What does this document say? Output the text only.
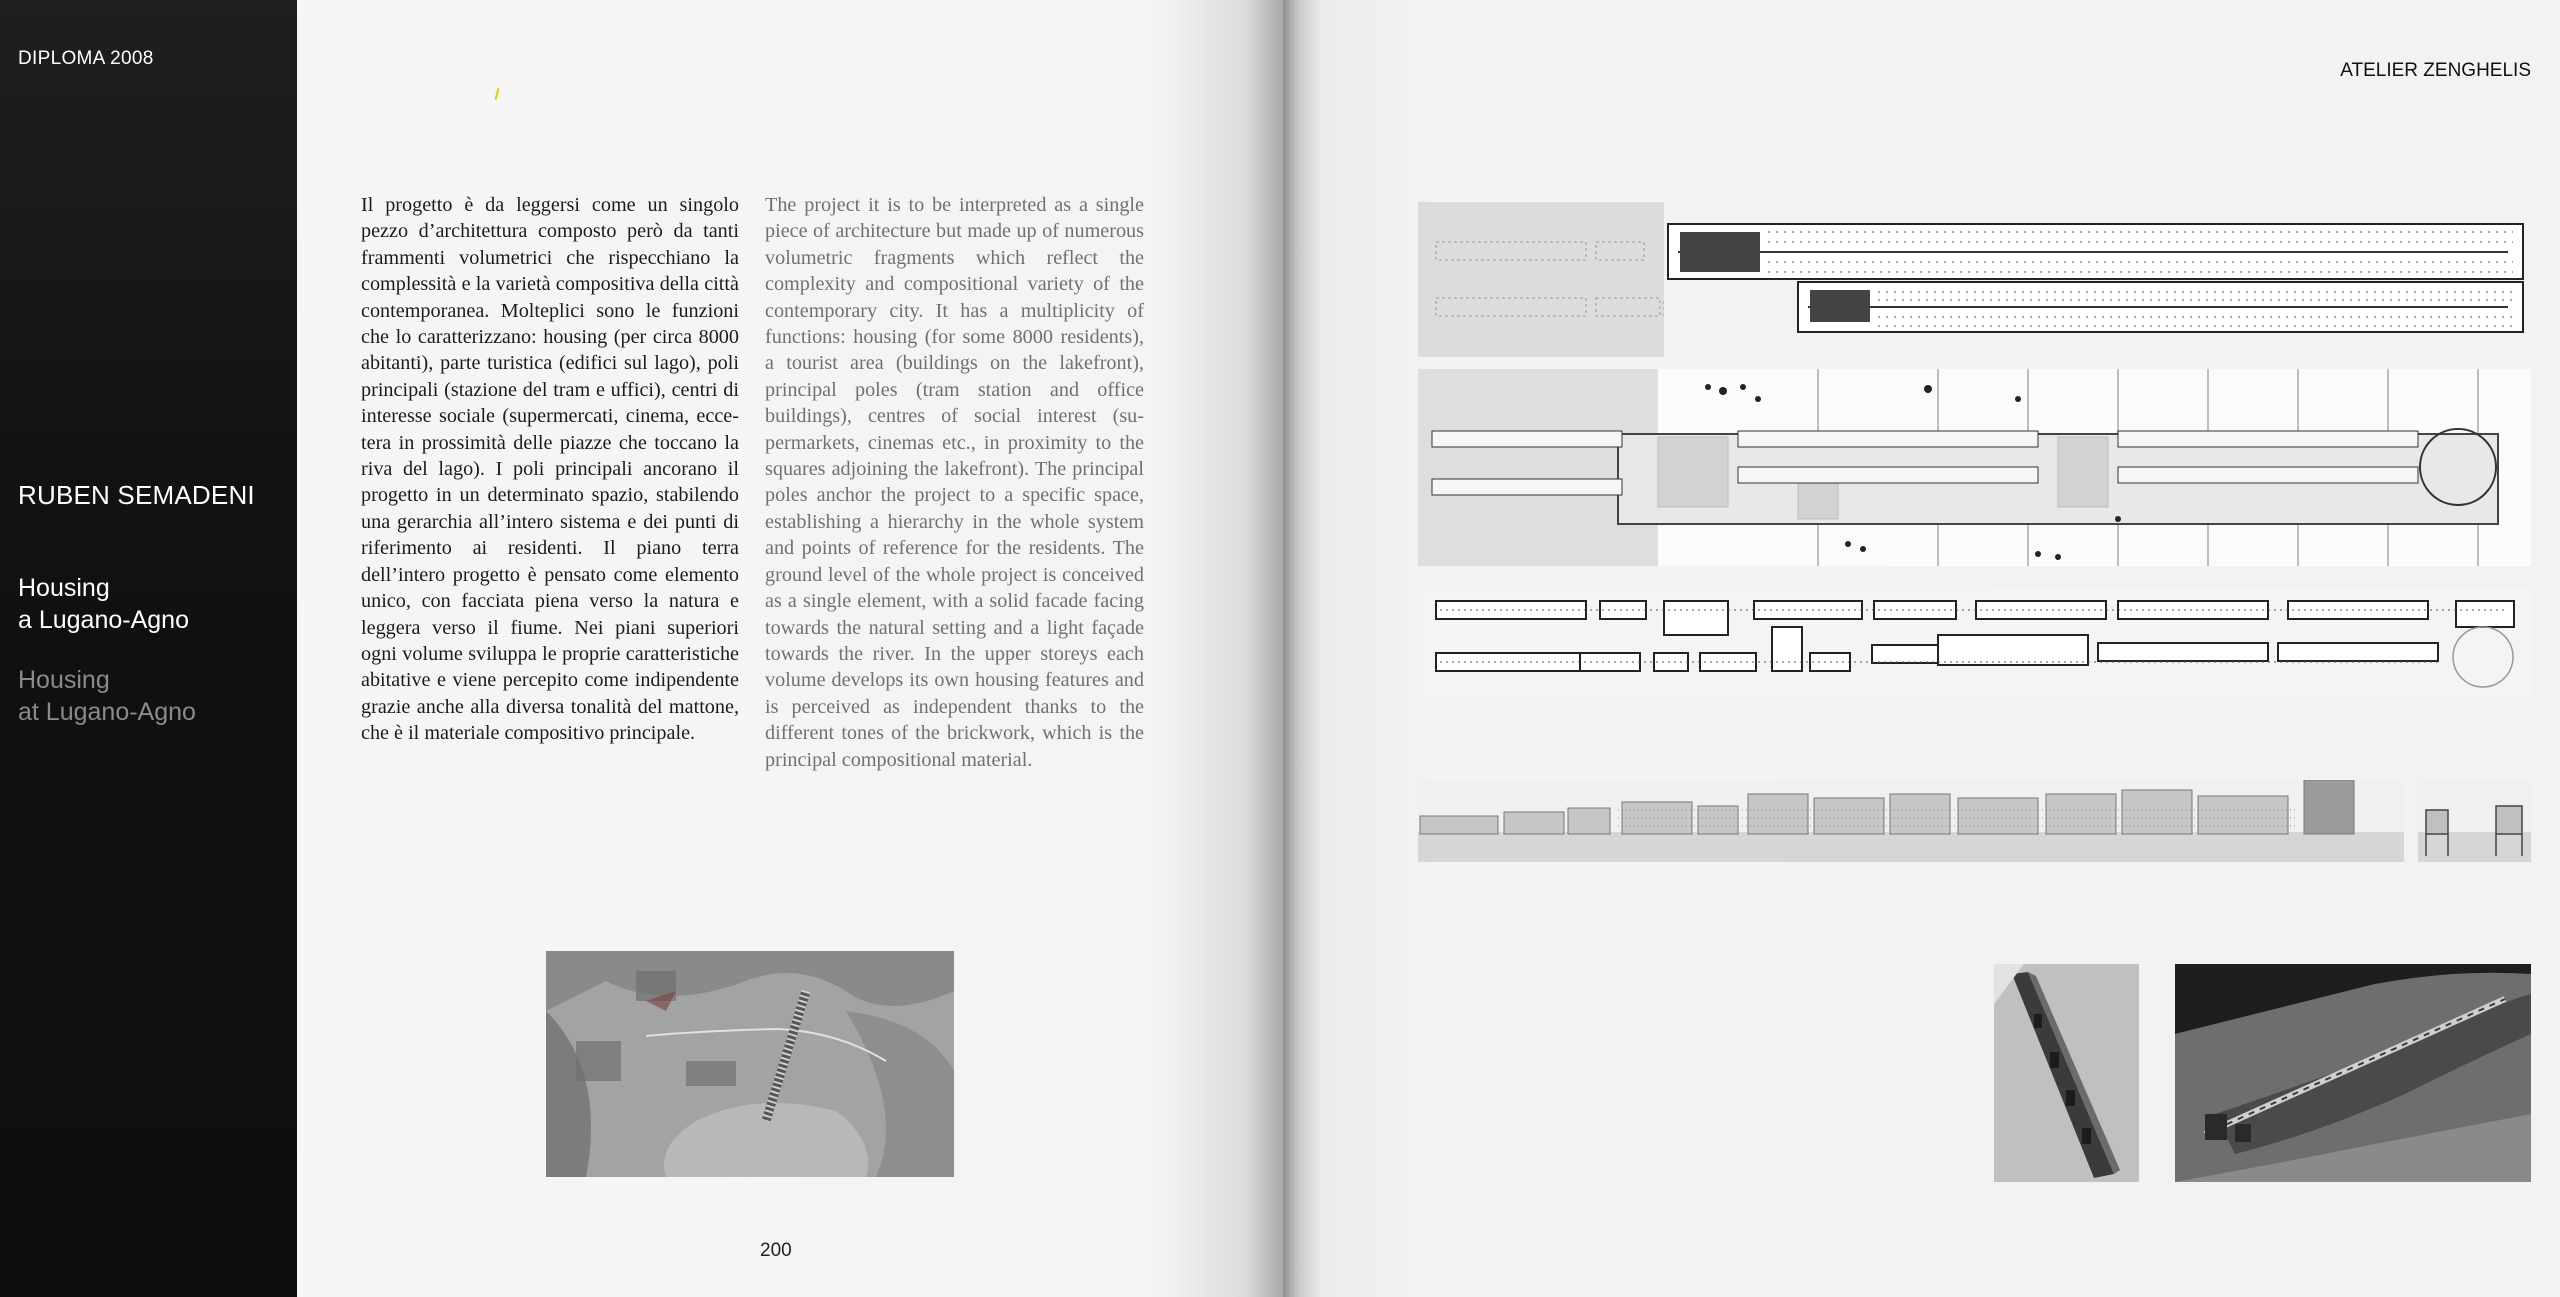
DIPLOMA 2008
RUBEN SEMADENI
Housing
a Lugano-Agno
Housing
at Lugano-Agno
Il progetto è da leggersi come un singolo pezzo d’architettura composto però da tanti frammenti volumetrici che rispecchiano la complessità e la varietà compositiva della città contemporanea. Molteplici sono le funzioni che lo caratterizzano: housing (per circa 8000 abitanti), parte turistica (edifici sul lago), poli principali (stazione del tram e uffici), centri di interesse sociale (supermercati, cinema, eccetera in prossimità delle piazze che toccano la riva del lago). I poli principali ancorano il progetto in un determinato spazio, stabilendo una gerarchia all’intero sistema e dei punti di riferimento ai residenti. Il piano terra dell’intero progetto è pensato come elemento unico, con facciata piena verso la natura e leggera verso il fiume. Nei piani superiori ogni volume sviluppa le proprie caratteristiche abitative e viene percepito come indipendente grazie anche alla diversa tonalità del mattone, che è il materiale compositivo principale.
The project it is to be interpreted as a single piece of architecture but made up of numerous volumetric fragments which reflect the complexity and compositional variety of the contemporary city. It has a multiplicity of functions: housing (for some 8000 residents), a tourist area (buildings on the lakefront), principal poles (tram station and office buildings), centres of social interest (supermarkets, cinemas etc., in proximity to the squares adjoining the lakefront). The principal poles anchor the project to a specific space, establishing a hierarchy in the whole system and points of reference for the residents. The ground level of the whole project is conceived as a single element, with a solid facade facing towards the natural setting and a light façade towards the river. In the upper storeys each volume develops its own housing features and is perceived as independent thanks to the different tones of the brickwork, which is the principal compositional material.
200
ATELIER ZENGHELIS
